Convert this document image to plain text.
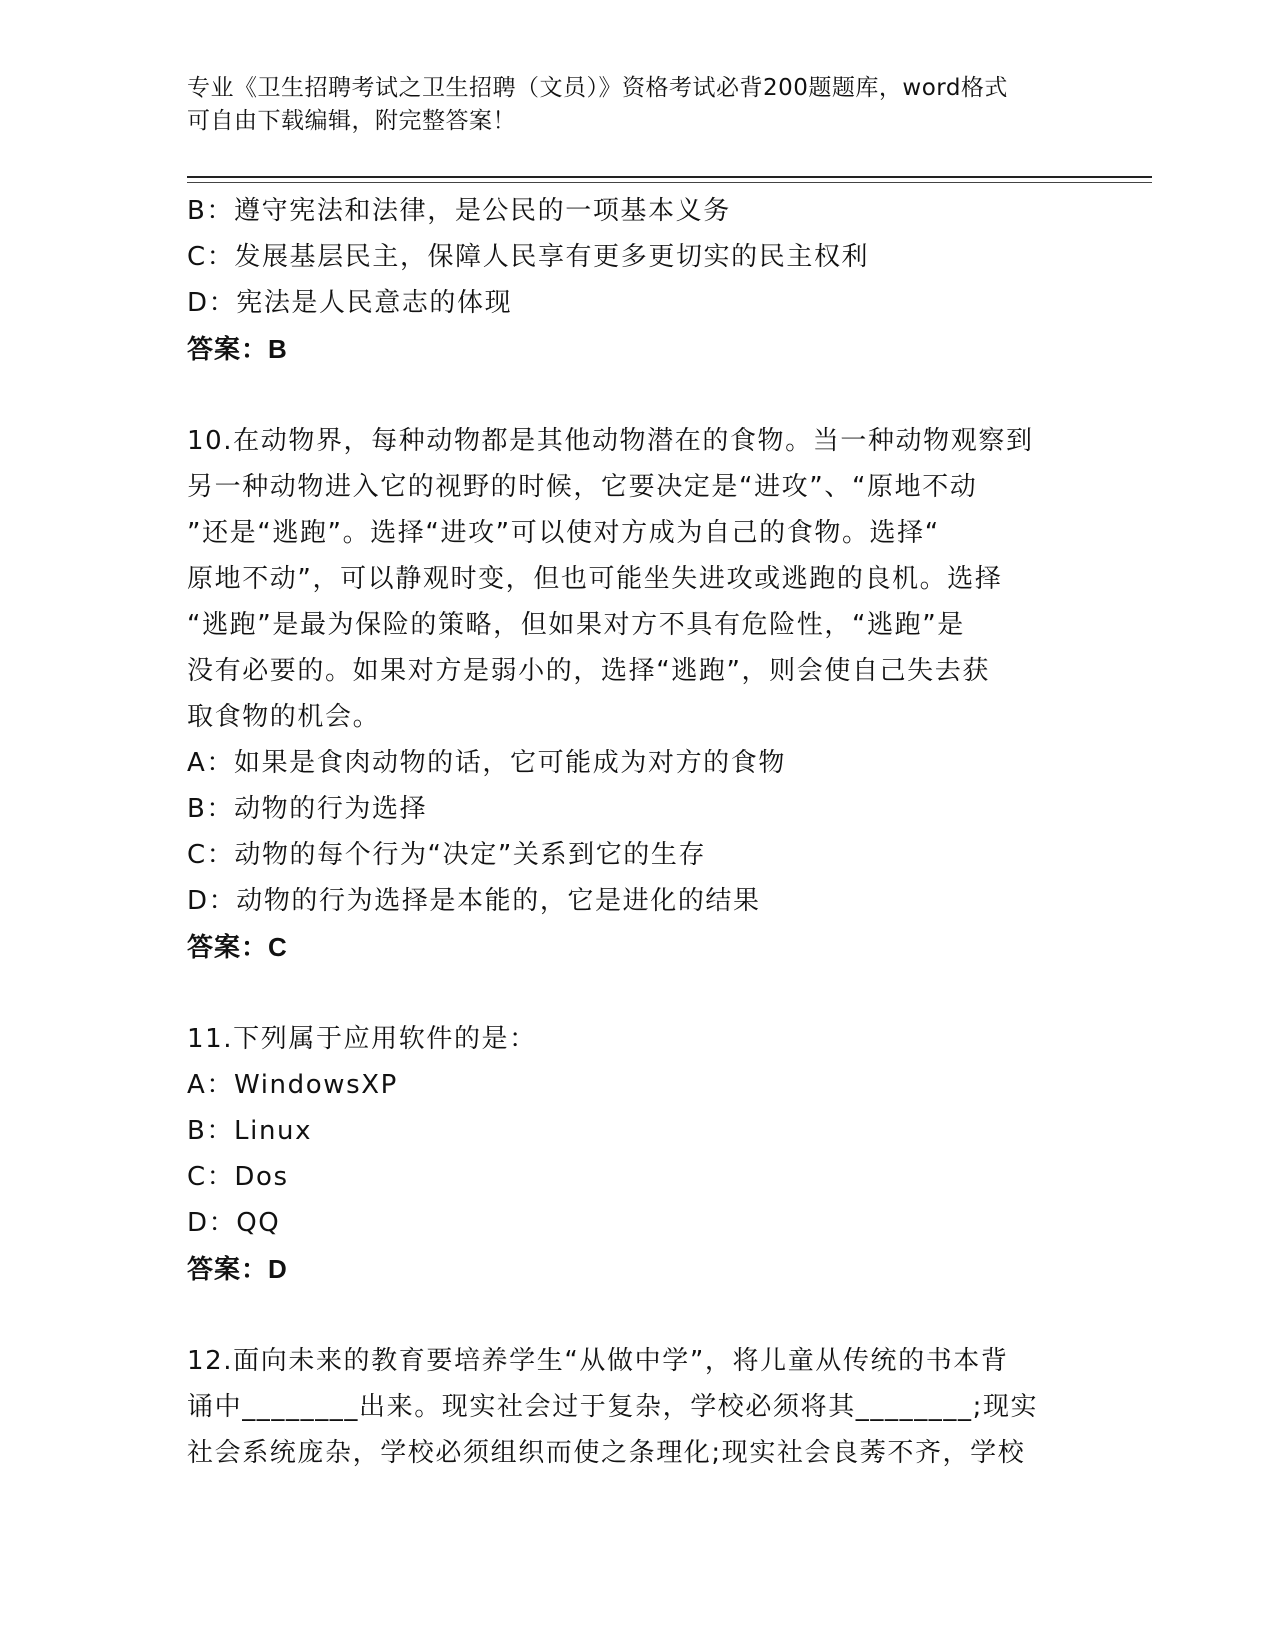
专业《卫生招聘考试之卫生招聘（文员）》资格考试必背200题题库，word格式
可自由下载编辑，附完整答案！
B：遵守宪法和法律，是公民的一项基本义务
C：发展基层民主，保障人民享有更多更切实的民主权利
D：宪法是人民意志的体现
答案：B
10.在动物界，每种动物都是其他动物潜在的食物。当一种动物观察到
另一种动物进入它的视野的时候，它要决定是“进攻”、“原地不动
”还是“逃跑”。选择“进攻”可以使对方成为自己的食物。选择“
原地不动”，可以静观时变，但也可能坐失进攻或逃跑的良机。选择
“逃跑”是最为保险的策略，但如果对方不具有危险性，“逃跑”是
没有必要的。如果对方是弱小的，选择“逃跑”，则会使自己失去获
取食物的机会。
A：如果是食肉动物的话，它可能成为对方的食物
B：动物的行为选择
C：动物的每个行为“决定”关系到它的生存
D：动物的行为选择是本能的，它是进化的结果
答案：C
11.下列属于应用软件的是：
A：WindowsXP
B：Linux
C：Dos
D：QQ
答案：D
12.面向未来的教育要培养学生“从做中学”，将儿童从传统的书本背
诵中________出来。现实社会过于复杂，学校必须将其________;现实
社会系统庞杂，学校必须组织而使之条理化;现实社会良莠不齐，学校
